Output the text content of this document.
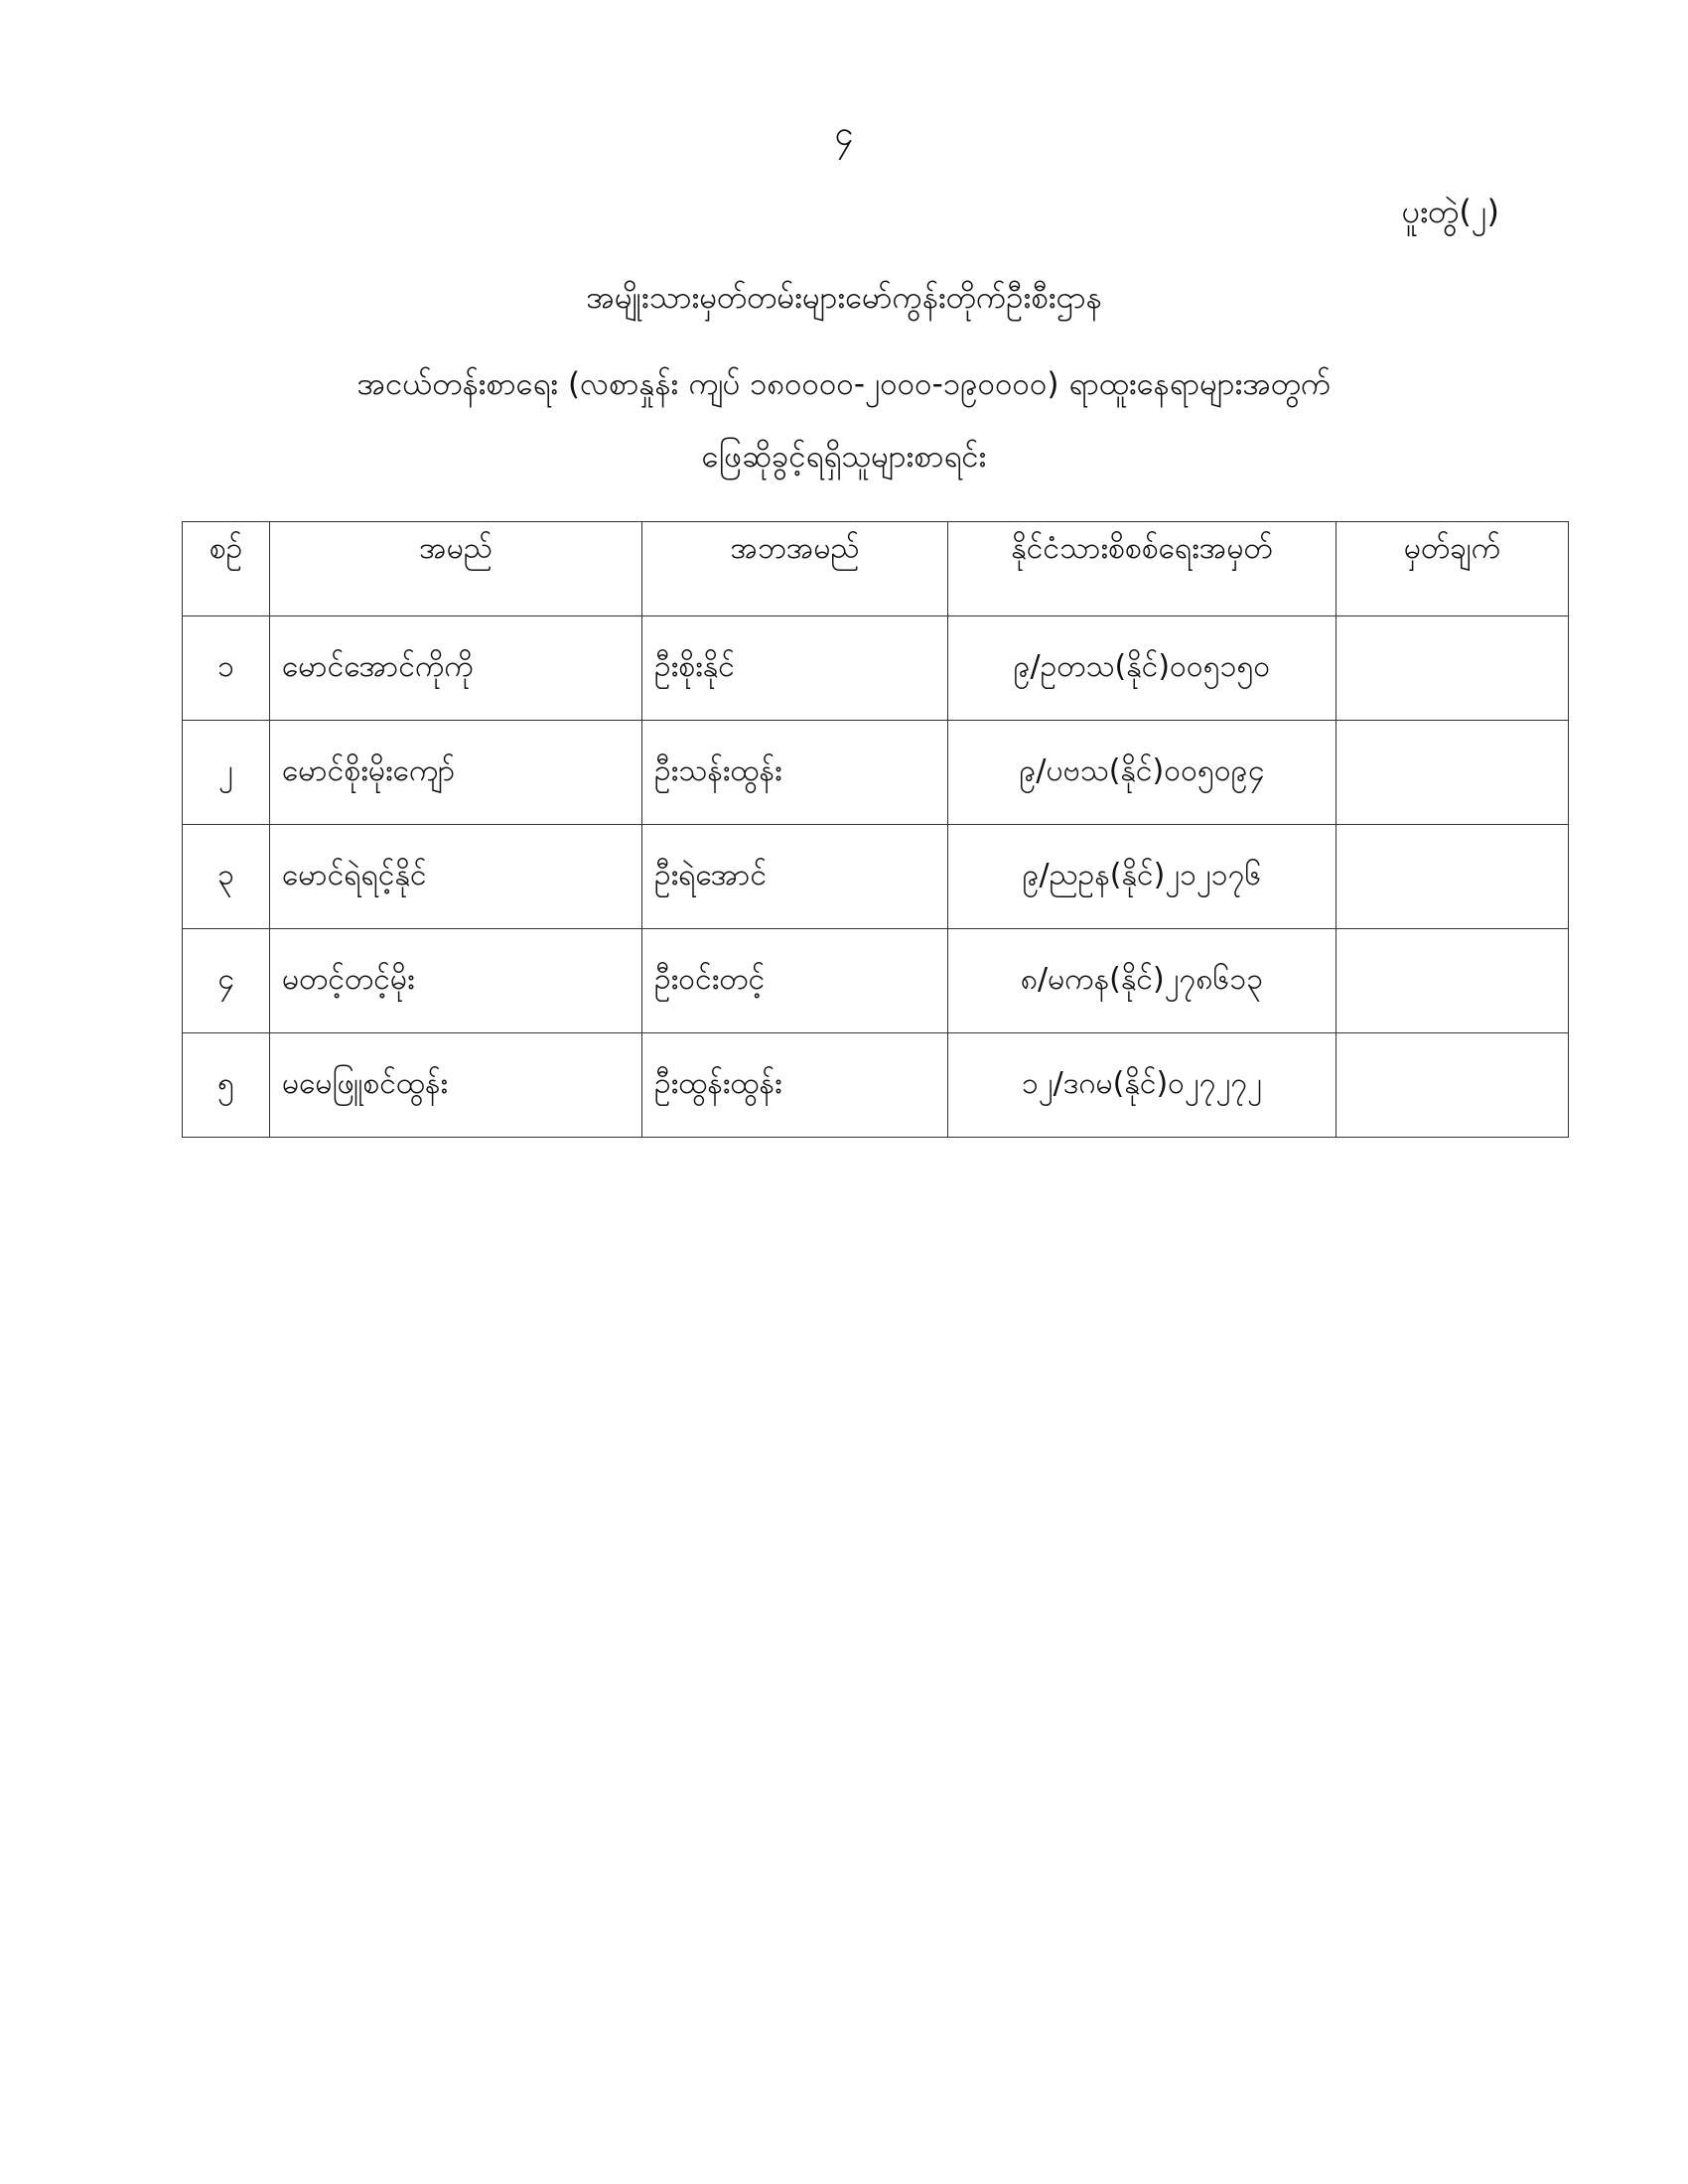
၄
ပူးတွဲ(၂)
အမျိုးသားမှတ်တမ်းများမော်ကွန်းတိုက်ဦးစီးဌာန
အငယ်တန်းစာရေး (လစာနှုန်း ကျပ် ၁၈၀၀၀၀-၂၀၀၀-၁၉၀၀၀၀) ရာထူးနေရာများအတွက်
ဖြေဆိုခွင့်ရရှိသူများစာရင်း
စဉ်	အမည်	အဘအမည်	နိုင်ငံသားစိစစ်ရေးအမှတ်	မှတ်ချက်
၁	မောင်အောင်ကိုကို	ဦးစိုးနိုင်	၉/ဥတသ(နိုင်)၀၀၅၁၅၀	
၂	မောင်စိုးမိုးကျော်	ဦးသန်းထွန်း	၉/ပဗသ(နိုင်)၀၀၅၀၉၄	
၃	မောင်ရဲရင့်နိုင်	ဦးရဲအောင်	၉/ညဥန(နိုင်)၂၁၂၁၇၆	
၄	မတင့်တင့်မိုး	ဦးဝင်းတင့်	၈/မကန(နိုင်)၂၇၈၆၁၃	
၅	မမေဖြူစင်ထွန်း	ဦးထွန်းထွန်း	၁၂/ဒဂမ(နိုင်)၀၂၇၂၇၂	
